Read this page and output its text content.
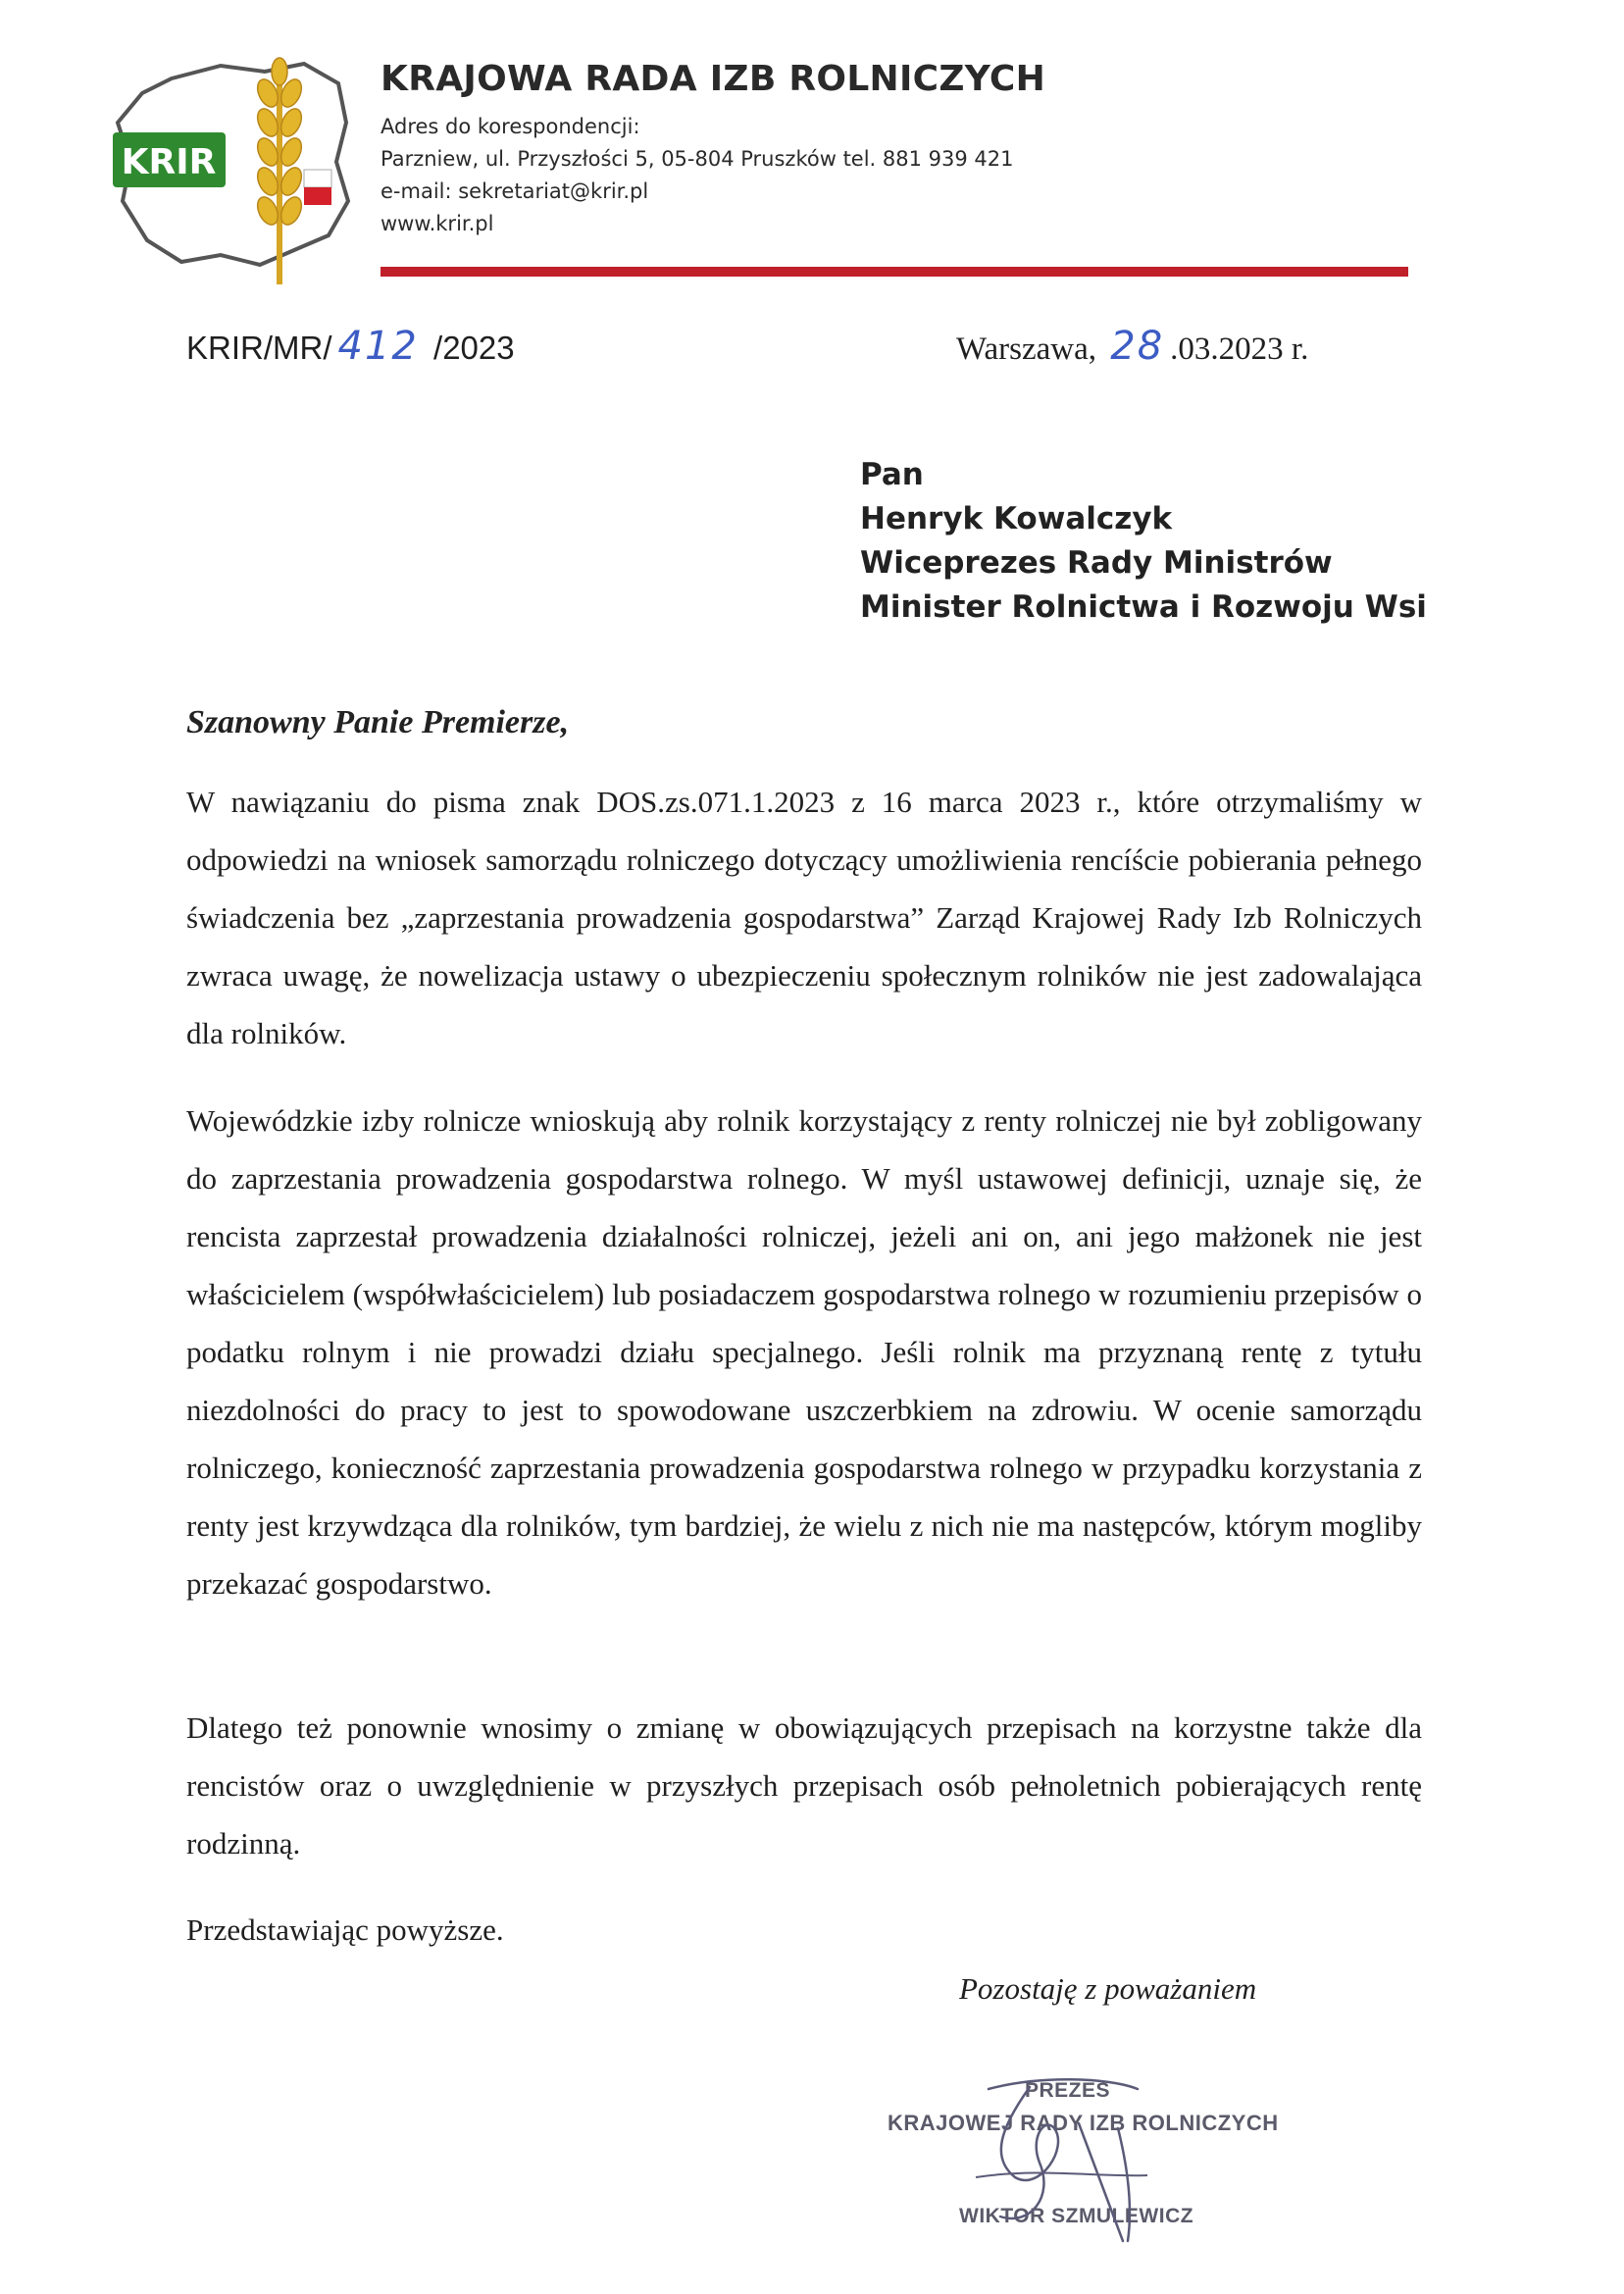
KRIR
KRAJOWA RADA IZB ROLNICZYCH
Adres do korespondencji:
Parzniew, ul. Przyszłości 5, 05-804 Pruszków tel. 881 939 421
e-mail: sekretariat@krir.pl
www.krir.pl
KRIR/MR/ 412 /2023	Warszawa, 28 .03.2023 r.
Pan
Henryk Kowalczyk
Wiceprezes Rady Ministrów
Minister Rolnictwa i Rozwoju Wsi
Szanowny Panie Premierze,
W nawiązaniu do pisma znak DOS.zs.071.1.2023 z 16 marca 2023 r., które otrzymaliśmy w odpowiedzi na wniosek samorządu rolniczego dotyczący umożliwienia rencíście pobierania pełnego świadczenia bez „zaprzestania prowadzenia gospodarstwa” Zarząd Krajowej Rady Izb Rolniczych zwraca uwagę, że nowelizacja ustawy o ubezpieczeniu społecznym rolników nie jest zadowalająca dla rolników.
Wojewódzkie izby rolnicze wnioskują aby rolnik korzystający z renty rolniczej nie był zobligowany do zaprzestania prowadzenia gospodarstwa rolnego. W myśl ustawowej definicji, uznaje się, że rencista zaprzestał prowadzenia działalności rolniczej, jeżeli ani on, ani jego małżonek nie jest właścicielem (współwłaścicielem) lub posiadaczem gospodarstwa rolnego w rozumieniu przepisów o podatku rolnym i nie prowadzi działu specjalnego. Jeśli rolnik ma przyznaną rentę z tytułu niezdolności do pracy to jest to spowodowane uszczerbkiem na zdrowiu. W ocenie samorządu rolniczego, konieczność zaprzestania prowadzenia gospodarstwa rolnego w przypadku korzystania z renty jest krzywdząca dla rolników, tym bardziej, że wielu z nich nie ma następców, którym mogliby przekazać gospodarstwo.
Dlatego też ponownie wnosimy o zmianę w obowiązujących przepisach na korzystne także dla rencistów oraz o uwzględnienie w przyszłych przepisach osób pełnoletnich pobierających rentę rodzinną.
Przedstawiając powyższe.
Pozostaję z poważaniem
PREZES
KRAJOWEJ RADY IZB ROLNICZYCH
WIKTOR SZMULEWICZ
